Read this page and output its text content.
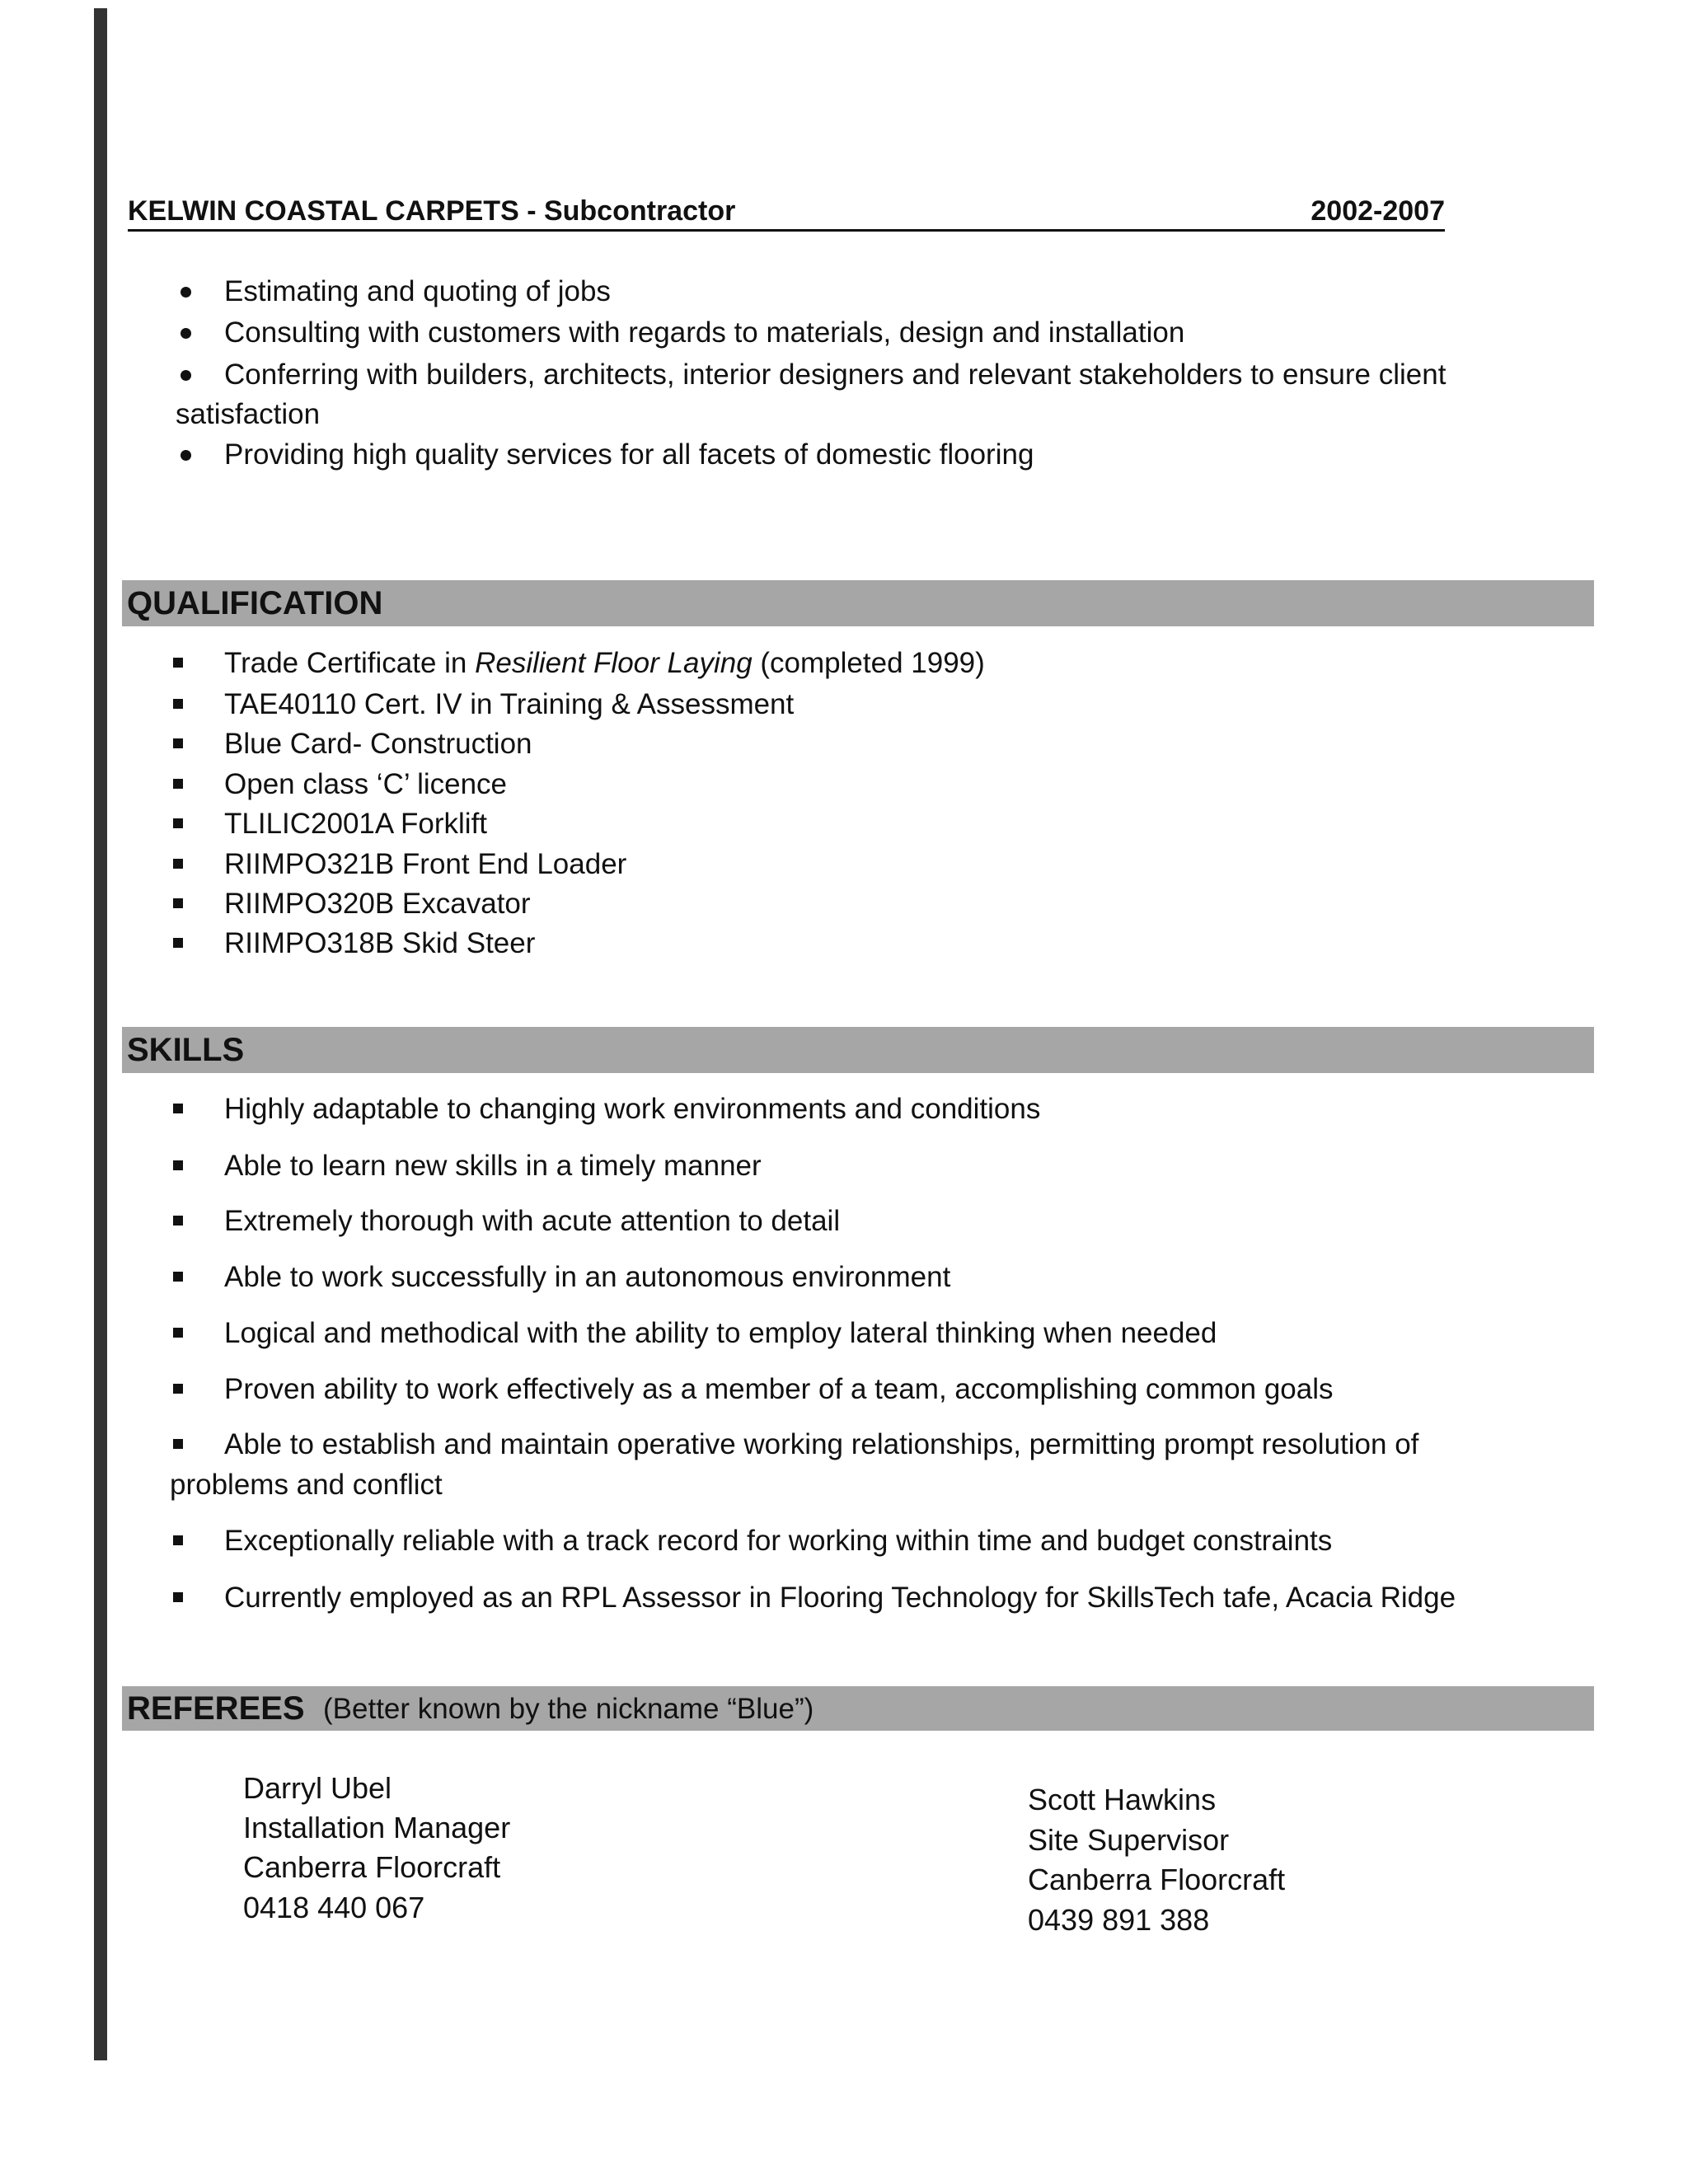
KELWIN COASTAL CARPETS - Subcontractor	2002-2007
Estimating and quoting of jobs
Consulting with customers with regards to materials, design and installation
Conferring with builders, architects, interior designers and relevant stakeholders to ensure client
satisfaction
Providing high quality services for all facets of domestic flooring
QUALIFICATION
Trade Certificate in Resilient Floor Laying (completed 1999)
TAE40110 Cert. IV in Training & Assessment
Blue Card- Construction
Open class ‘C’ licence
TLILIC2001A Forklift
RIIMPO321B Front End Loader
RIIMPO320B Excavator
RIIMPO318B Skid Steer
SKILLS
Highly adaptable to changing work environments and conditions
Able to learn new skills in a timely manner
Extremely thorough with acute attention to detail
Able to work successfully in an autonomous environment
Logical and methodical with the ability to employ lateral thinking when needed
Proven ability to work effectively as a member of a team, accomplishing common goals
Able to establish and maintain operative working relationships, permitting prompt resolution of
problems and conflict
Exceptionally reliable with a track record for working within time and budget constraints
Currently employed as an RPL Assessor in Flooring Technology for SkillsTech tafe, Acacia Ridge
REFEREES (Better known by the nickname “Blue”)
Darryl Ubel
Installation Manager
Canberra Floorcraft
0418 440 067
Scott Hawkins
Site Supervisor
Canberra Floorcraft
0439 891 388
